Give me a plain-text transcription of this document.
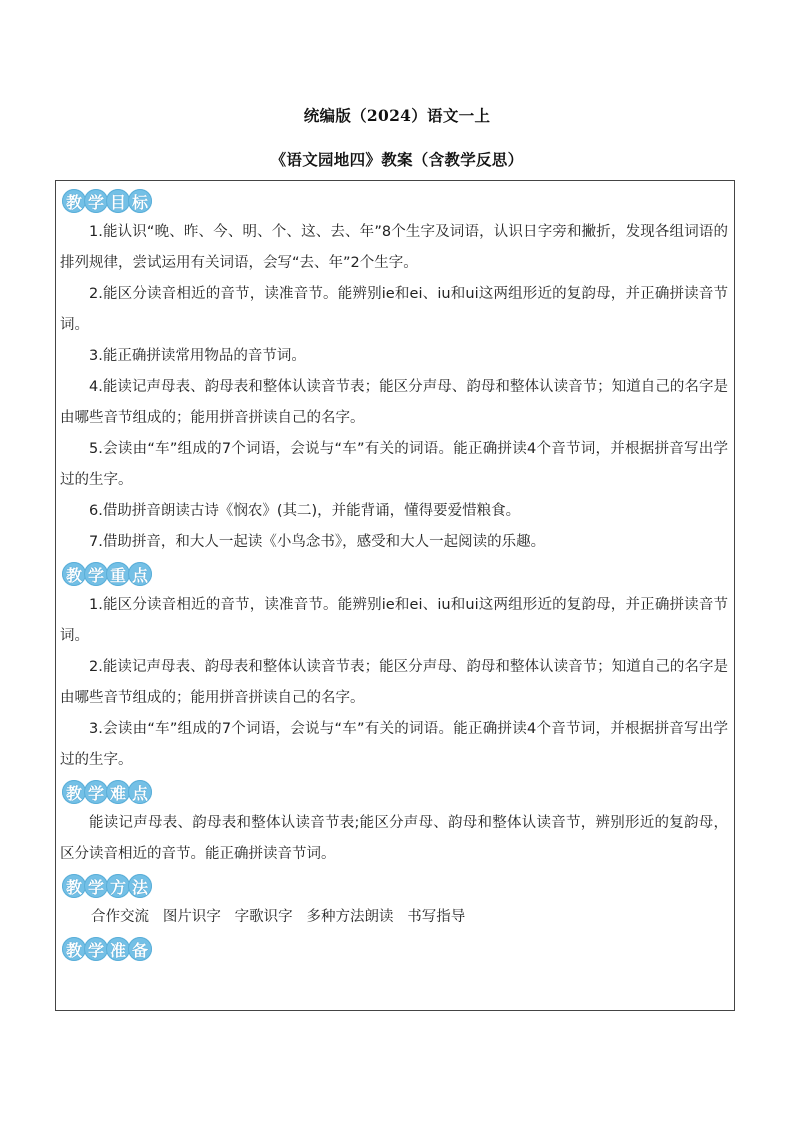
统编版（2024）语文一上
《语文园地四》教案（含教学反思）
教 学 目 标

1.能认识“晚、昨、今、明、个、这、去、年”8个生字及词语，认识日字旁和撇折，发现各组词语的排列规律，尝试运用有关词语，会写“去、年”2个生字。

2.能区分读音相近的音节，读准音节。能辨别ie和ei、iu和ui这两组形近的复韵母，并正确拼读音节词。

3.能正确拼读常用物品的音节词。

4.能读记声母表、韵母表和整体认读音节表；能区分声母、韵母和整体认读音节；知道自己的名字是由哪些音节组成的；能用拼音拼读自己的名字。

5.会读由“车”组成的7个词语，会说与“车”有关的词语。能正确拼读4个音节词，并根据拼音写出学过的生字。

6.借助拼音朗读古诗《悯农》(其二)，并能背诵，懂得要爱惜粮食。

7.借助拼音，和大人一起读《小鸟念书》，感受和大人一起阅读的乐趣。

教 学 重 点

1.能区分读音相近的音节，读准音节。能辨别ie和ei、iu和ui这两组形近的复韵母，并正确拼读音节词。

2.能读记声母表、韵母表和整体认读音节表；能区分声母、韵母和整体认读音节；知道自己的名字是由哪些音节组成的；能用拼音拼读自己的名字。

3.会读由“车”组成的7个词语，会说与“车”有关的词语。能正确拼读4个音节词，并根据拼音写出学过的生字。

教 学 难 点

能读记声母表、韵母表和整体认读音节表;能区分声母、韵母和整体认读音节，辨别形近的复韵母，区分读音相近的音节。能正确拼读音节词。

教 学 方 法
合作交流   图片识字   字歌识字   多种方法朗读   书写指导
教 学 准 备
